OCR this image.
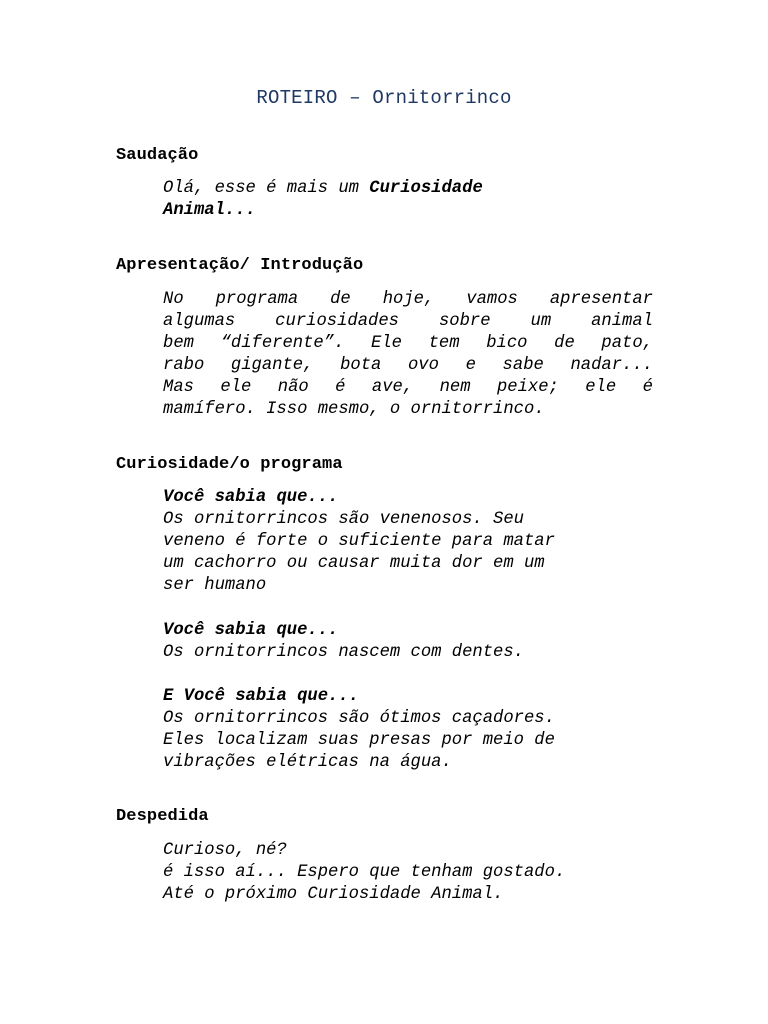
ROTEIRO – Ornitorrinco
Saudação
Olá, esse é mais um Curiosidade
Animal...
Apresentação/ Introdução
No programa de hoje, vamos apresentar
algumas curiosidades sobre um animal
bem “diferente”. Ele tem bico de pato,
rabo gigante, bota ovo e sabe nadar...
Mas ele não é ave, nem peixe; ele é
mamífero. Isso mesmo, o ornitorrinco.
Curiosidade/o programa
Você sabia que...
Os ornitorrincos são venenosos. Seu
veneno é forte o suficiente para matar
um cachorro ou causar muita dor em um
ser humano
Você sabia que...
Os ornitorrincos nascem com dentes.
E Você sabia que...
Os ornitorrincos são ótimos caçadores.
Eles localizam suas presas por meio de
vibrações elétricas na água.
Despedida
Curioso, né?
é isso aí... Espero que tenham gostado.
Até o próximo Curiosidade Animal.
